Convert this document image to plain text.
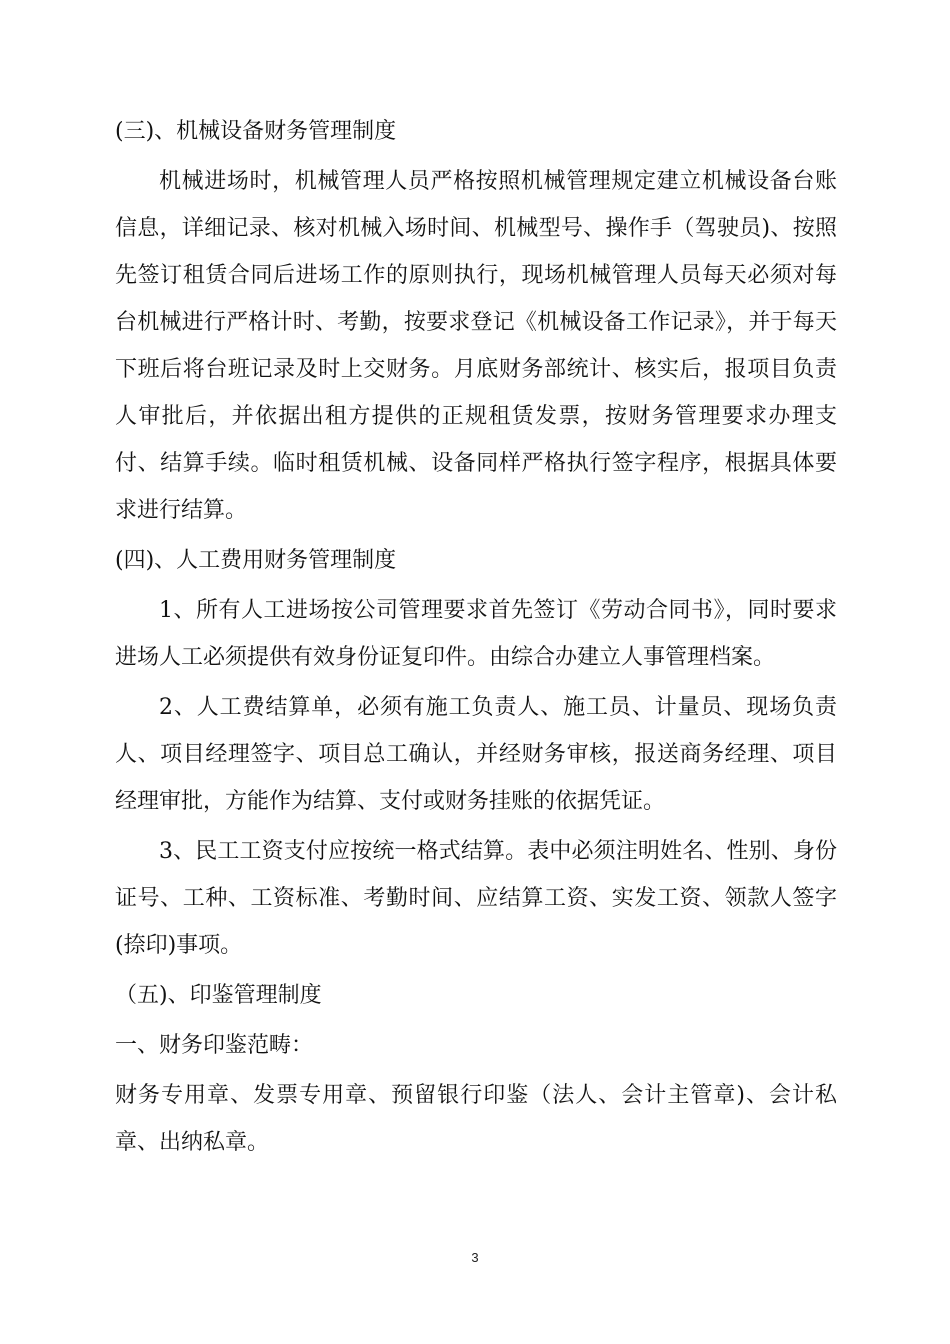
(三)、机械设备财务管理制度

机械进场时，机械管理人员严格按照机械管理规定建立机械设备台账信息，详细记录、核对机械入场时间、机械型号、操作手（驾驶员)、按照先签订租赁合同后进场工作的原则执行，现场机械管理人员每天必须对每台机械进行严格计时、考勤，按要求登记《机械设备工作记录》，并于每天下班后将台班记录及时上交财务。月底财务部统计、核实后，报项目负责人审批后，并依据出租方提供的正规租赁发票，按财务管理要求办理支付、结算手续。临时租赁机械、设备同样严格执行签字程序，根据具体要求进行结算。

(四)、人工费用财务管理制度

1、所有人工进场按公司管理要求首先签订《劳动合同书》，同时要求进场人工必须提供有效身份证复印件。由综合办建立人事管理档案。

2、人工费结算单，必须有施工负责人、施工员、计量员、现场负责人、项目经理签字、项目总工确认，并经财务审核，报送商务经理、项目经理审批，方能作为结算、支付或财务挂账的依据凭证。

3、民工工资支付应按统一格式结算。表中必须注明姓名、性别、身份证号、工种、工资标准、考勤时间、应结算工资、实发工资、领款人签字(捺印)事项。

（五)、印鉴管理制度

一、财务印鉴范畴：

财务专用章、发票专用章、预留银行印鉴（法人、会计主管章)、会计私章、出纳私章。

3
